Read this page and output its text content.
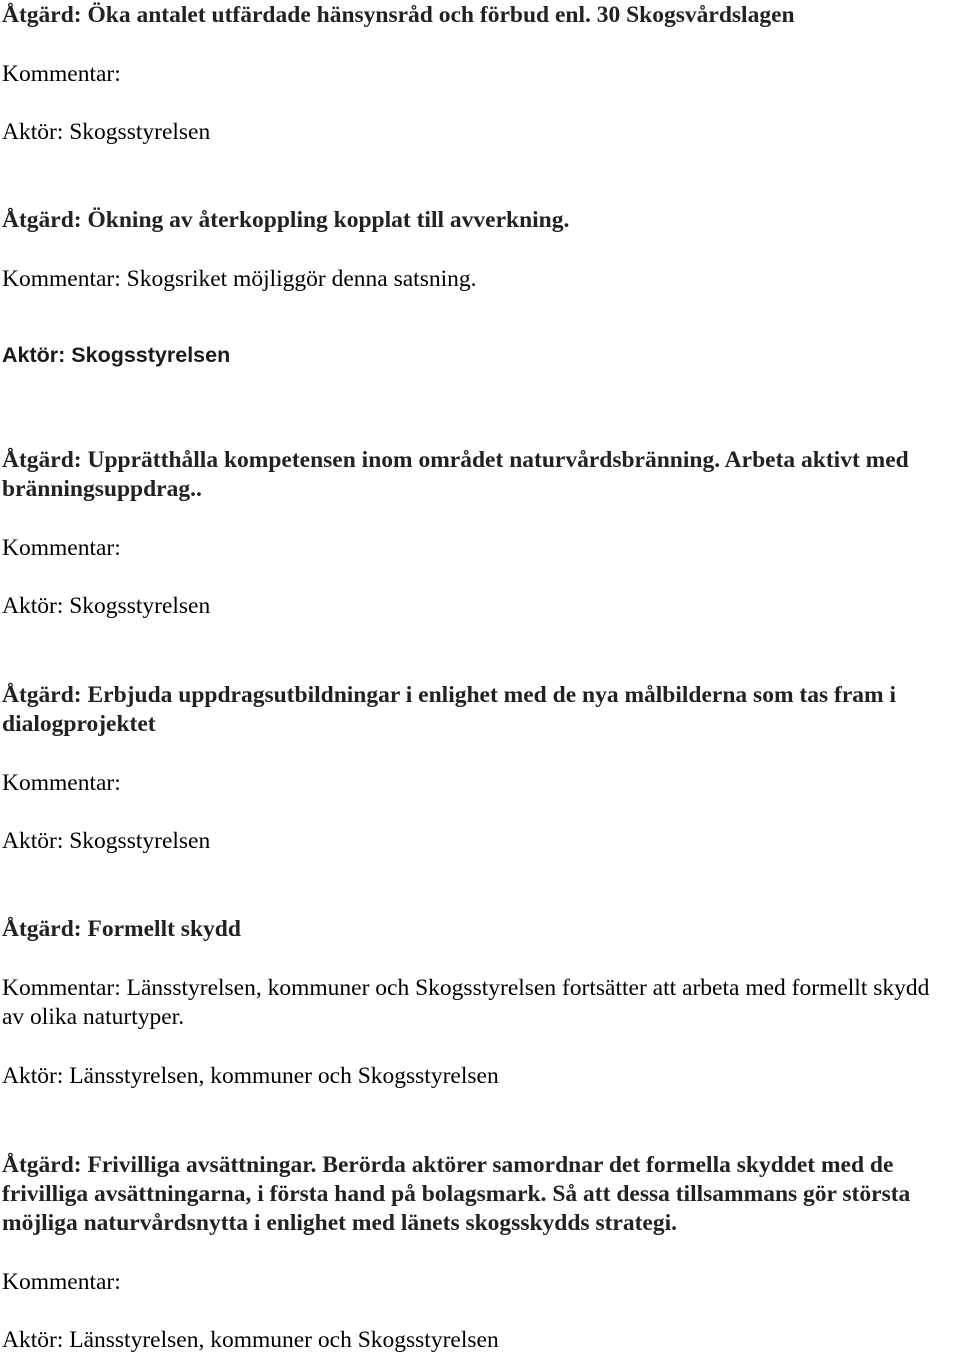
Åtgärd: Öka antalet utfärdade hänsynsråd och förbud enl. 30 Skogsvårdslagen
Kommentar:
Aktör: Skogsstyrelsen
Åtgärd: Ökning av återkoppling kopplat till avverkning.
Kommentar: Skogsriket möjliggör denna satsning.
Aktör: Skogsstyrelsen
Åtgärd: Upprätthålla kompetensen inom området naturvårdsbränning. Arbeta aktivt med bränningsuppdrag..
Kommentar:
Aktör: Skogsstyrelsen
Åtgärd: Erbjuda uppdragsutbildningar i enlighet med de nya målbilderna som tas fram i dialogprojektet
Kommentar:
Aktör: Skogsstyrelsen
Åtgärd: Formellt skydd
Kommentar: Länsstyrelsen, kommuner och Skogsstyrelsen fortsätter att arbeta med formellt skydd av olika naturtyper.
Aktör: Länsstyrelsen, kommuner och Skogsstyrelsen
Åtgärd: Frivilliga avsättningar. Berörda aktörer samordnar det formella skyddet med de frivilliga avsättningarna, i första hand på bolagsmark. Så att dessa tillsammans gör största möjliga naturvårdsnytta i enlighet med länets skogsskydds strategi.
Kommentar:
Aktör: Länsstyrelsen, kommuner och Skogsstyrelsen
